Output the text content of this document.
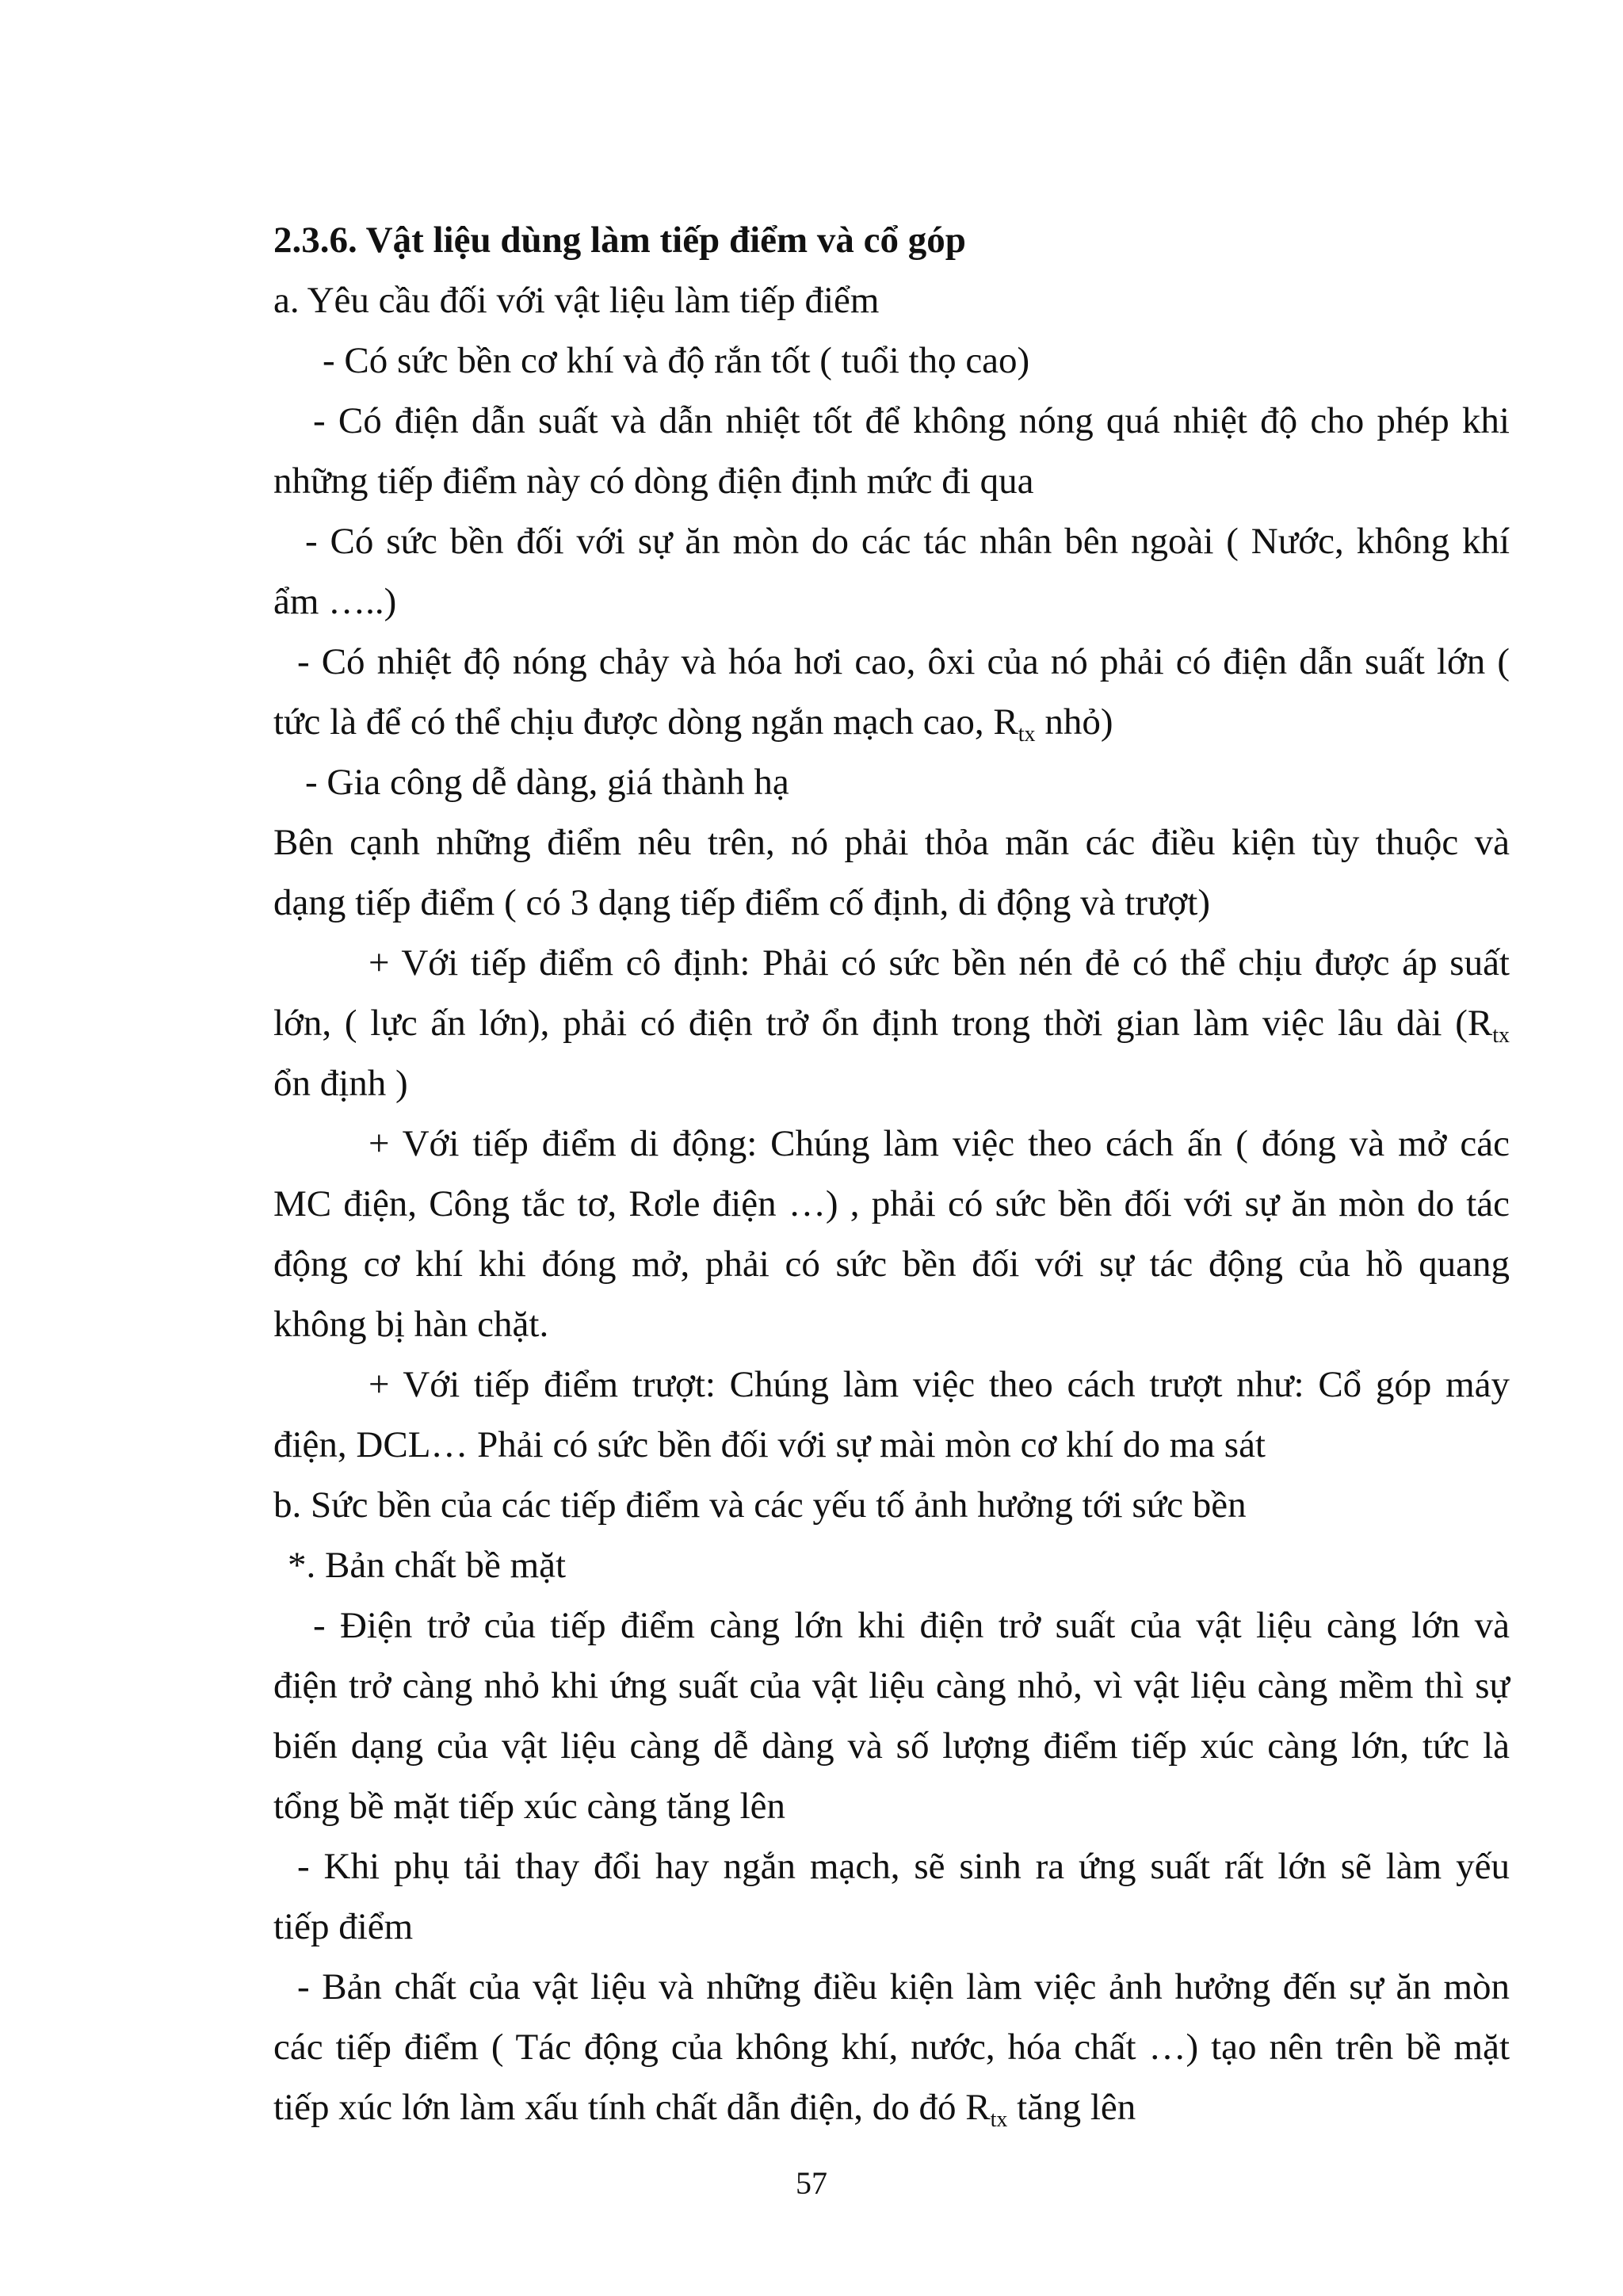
2.3.6. Vật liệu dùng làm tiếp điểm và cổ góp
a. Yêu cầu đối với vật liệu làm tiếp điểm
- Có sức bền cơ khí và độ rắn tốt ( tuổi thọ cao)
- Có điện dẫn suất và dẫn nhiệt tốt để không nóng quá nhiệt độ cho phép khi
những tiếp điểm này có dòng điện định mức đi qua
- Có sức bền đối với sự ăn mòn do các tác nhân bên ngoài ( Nước, không khí
ẩm …..)
- Có nhiệt độ nóng chảy và hóa hơi cao, ôxi của nó phải có điện dẫn suất lớn (
tức là để có thể chịu được dòng ngắn mạch cao, $R_{tx}$ nhỏ)
- Gia công dễ dàng, giá thành hạ
Bên cạnh những điểm nêu trên, nó phải thỏa mãn các điều kiện tùy thuộc và
dạng tiếp điểm ( có 3 dạng tiếp điểm cố định, di động và trượt)
+ Với tiếp điểm cô định: Phải có sức bền nén đẻ có thể chịu được áp suất
lớn, ( lực ấn lớn), phải có điện trở ổn định trong thời gian làm việc lâu dài ($R_{tx}$
ổn định )
+ Với tiếp điểm di động: Chúng làm việc theo cách ấn ( đóng và mở các
MC điện, Công tắc tơ, Rơle điện …) , phải có sức bền đối với sự ăn mòn do tác
động cơ khí khi đóng mở, phải có sức bền đối với sự tác động của hồ quang
không bị hàn chặt.
+ Với tiếp điểm trượt: Chúng làm việc theo cách trượt như: Cổ góp máy
điện, DCL… Phải có sức bền đối với sự mài mòn cơ khí do ma sát
b. Sức bền của các tiếp điểm và các yếu tố ảnh hưởng tới sức bền
*. Bản chất bề mặt
- Điện trở của tiếp điểm càng lớn khi điện trở suất của vật liệu càng lớn và
điện trở càng nhỏ khi ứng suất của vật liệu càng nhỏ, vì vật liệu càng mềm thì sự
biến dạng của vật liệu càng dễ dàng và số lượng điểm tiếp xúc càng lớn, tức là
tổng bề mặt tiếp xúc càng tăng lên
- Khi phụ tải thay đổi hay ngắn mạch, sẽ sinh ra ứng suất rất lớn sẽ làm yếu
tiếp điểm
- Bản chất của vật liệu và những điều kiện làm việc ảnh hưởng đến sự ăn mòn
các tiếp điểm ( Tác động của không khí, nước, hóa chất …) tạo nên trên bề mặt
tiếp xúc lớn làm xấu tính chất dẫn điện, do đó $R_{tx}$ tăng lên
57
